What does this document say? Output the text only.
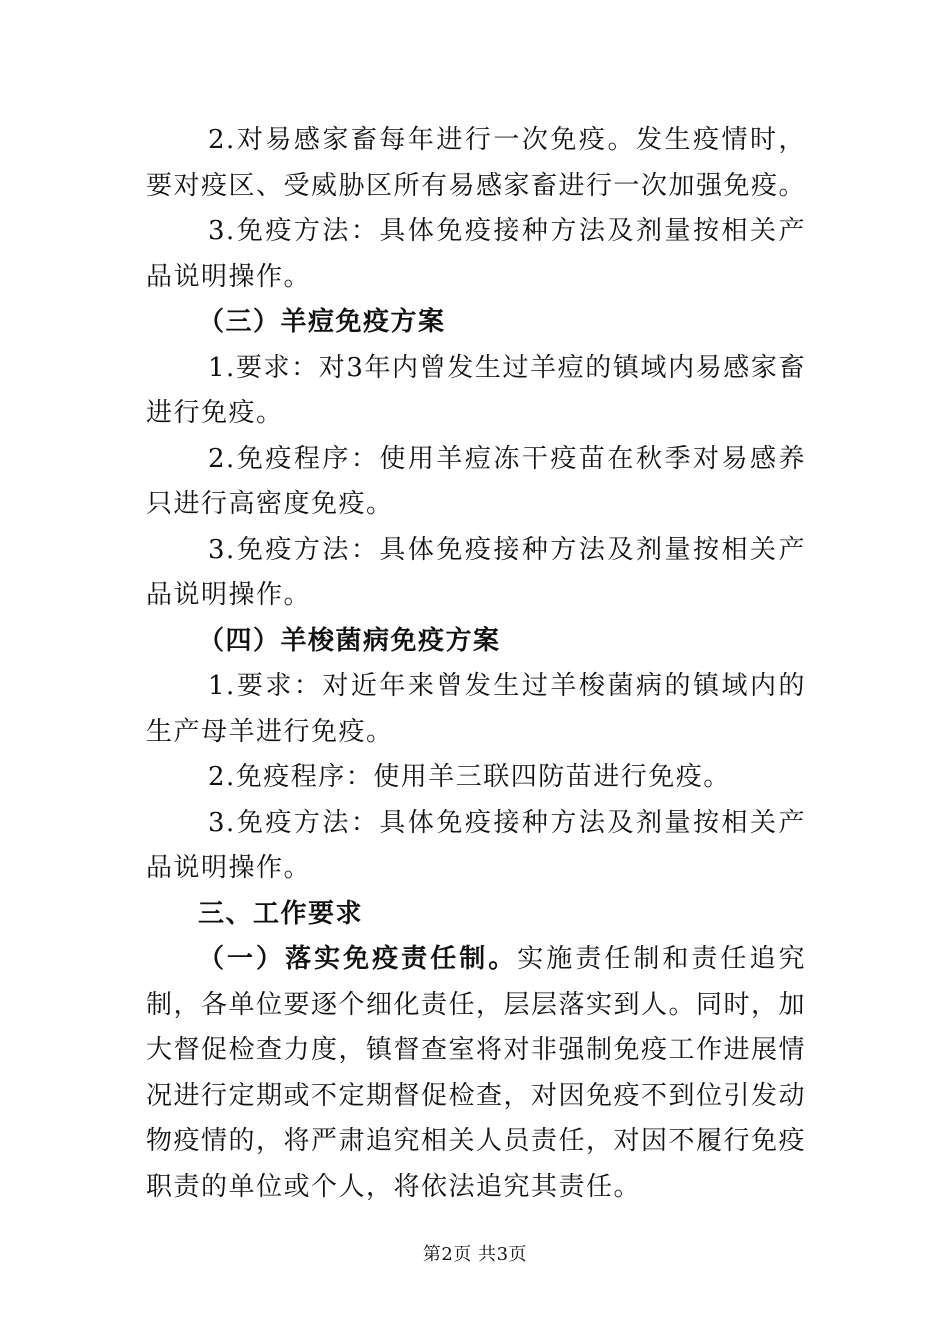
2.对易感家畜每年进行一次免疫。发生疫情时，要对疫区、受威胁区所有易感家畜进行一次加强免疫。

3.免疫方法：具体免疫接种方法及剂量按相关产品说明操作。

（三）羊痘免疫方案

1.要求：对3年内曾发生过羊痘的镇域内易感家畜进行免疫。

2.免疫程序：使用羊痘冻干疫苗在秋季对易感养只进行高密度免疫。

3.免疫方法：具体免疫接种方法及剂量按相关产品说明操作。

（四）羊梭菌病免疫方案

1.要求：对近年来曾发生过羊梭菌病的镇域内的生产母羊进行免疫。

2.免疫程序：使用羊三联四防苗进行免疫。

3.免疫方法：具体免疫接种方法及剂量按相关产品说明操作。

三、工作要求

（一）落实免疫责任制。实施责任制和责任追究制，各单位要逐个细化责任，层层落实到人。同时，加大督促检查力度，镇督查室将对非强制免疫工作进展情况进行定期或不定期督促检查，对因免疫不到位引发动物疫情的，将严肃追究相关人员责任，对因不履行免疫职责的单位或个人，将依法追究其责任。

第2页 共3页
